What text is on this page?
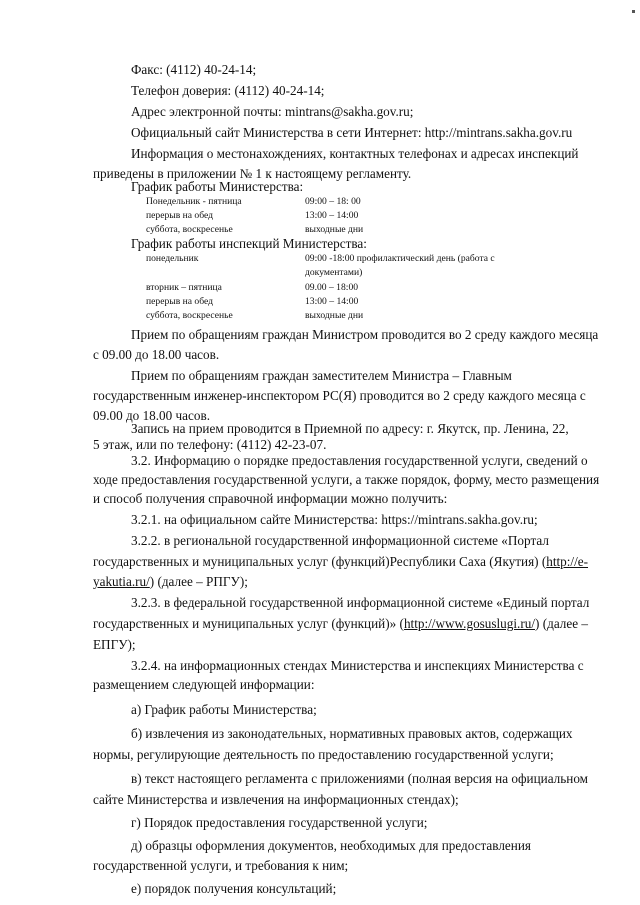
Факс: (4112) 40-24-14;
Телефон доверия: (4112) 40-24-14;
Адрес электронной почты: mintrans@sakha.gov.ru;
Официальный сайт Министерства в сети Интернет: http://mintrans.sakha.gov.ru
Информация о местонахождениях, контактных телефонах и адресах инспекций
приведены в приложении № 1 к настоящему регламенту.
График работы Министерства:
Понедельник - пятница	09:00 – 18: 00
перерыв на обед	13:00 – 14:00
суббота, воскресенье	выходные дни
График работы инспекций Министерства:
понедельник	09:00 -18:00 профилактический день (работа с
документами)
вторник – пятница	09.00 – 18:00
перерыв на обед	13:00 – 14:00
суббота, воскресенье	выходные дни
Прием по обращениям граждан Министром проводится во 2 среду каждого месяца
с 09.00 до 18.00 часов.
Прием по обращениям граждан заместителем Министра – Главным
государственным инженер-инспектором РС(Я) проводится во 2 среду каждого месяца с
09.00 до 18.00 часов.
Запись на прием проводится в Приемной по адресу: г. Якутск, пр. Ленина, 22,
5 этаж, или по телефону: (4112) 42-23-07.
3.2. Информацию о порядке предоставления государственной услуги, сведений о
ходе предоставления государственной услуги, а также порядок, форму, место размещения
и способ получения справочной информации можно получить:
3.2.1. на официальном сайте Министерства: https://mintrans.sakha.gov.ru;
3.2.2. в региональной государственной информационной системе «Портал
государственных и муниципальных услуг (функций)Республики Саха (Якутия) ( http://e-
yakutia.ru/) (далее – РПГУ);
3.2.3. в федеральной государственной информационной системе «Единый портал
государственных и муниципальных услуг (функций)» ( http://www.gosuslugi.ru/ ) (далее –
ЕПГУ);
3.2.4. на информационных стендах Министерства и инспекциях Министерства с
размещением следующей информации:
а) График работы Министерства;
б) извлечения из законодательных, нормативных правовых актов, содержащих
нормы, регулирующие деятельность по предоставлению государственной услуги;
в) текст настоящего регламента с приложениями (полная версия на официальном
сайте Министерства и извлечения на информационных стендах);
г) Порядок предоставления государственной услуги;
д) образцы оформления документов, необходимых для предоставления
государственной услуги, и требования к ним;
е) порядок получения консультаций;
